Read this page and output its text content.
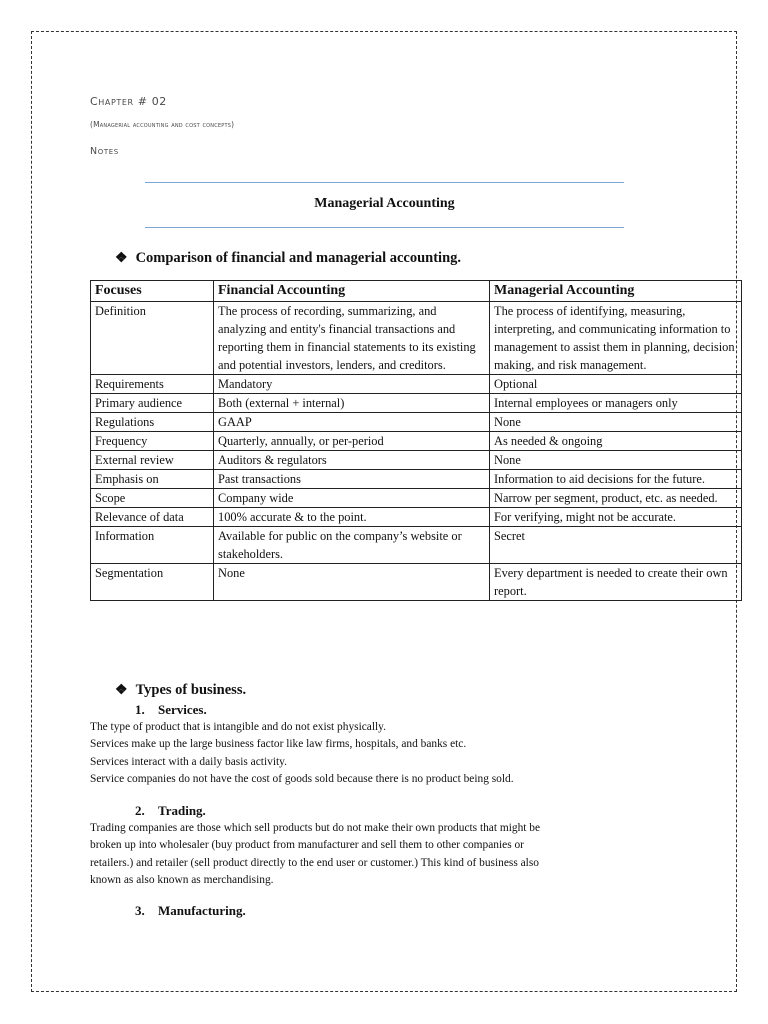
Chapter # 02
(Managerial accounting and cost concepts)
Notes
Managerial Accounting
❖ Comparison of financial and managerial accounting.
Focuses	Financial Accounting	Managerial Accounting
Definition	The process of recording, summarizing, and analyzing and entity's financial transactions and reporting them in financial statements to its existing and potential investors, lenders, and creditors.	The process of identifying, measuring, interpreting, and communicating information to management to assist them in planning, decision making, and risk management.
Requirements	Mandatory	Optional
Primary audience	Both (external + internal)	Internal employees or managers only
Regulations	GAAP	None
Frequency	Quarterly, annually, or per-period	As needed & ongoing
External review	Auditors & regulators	None
Emphasis on	Past transactions	Information to aid decisions for the future.
Scope	Company wide	Narrow per segment, product, etc. as needed.
Relevance of data	100% accurate & to the point.	For verifying, might not be accurate.
Information	Available for public on the company’s website or stakeholders.	Secret
Segmentation	None	Every department is needed to create their own report.
❖ Types of business.
1. Services.
The type of product that is intangible and do not exist physically.
Services make up the large business factor like law firms, hospitals, and banks etc.
Services interact with a daily basis activity.
Service companies do not have the cost of goods sold because there is no product being sold.
2. Trading.
Trading companies are those which sell products but do not make their own products that might be
broken up into wholesaler (buy product from manufacturer and sell them to other companies or
retailers.) and retailer (sell product directly to the end user or customer.) This kind of business also
known as also known as merchandising.
3. Manufacturing.
